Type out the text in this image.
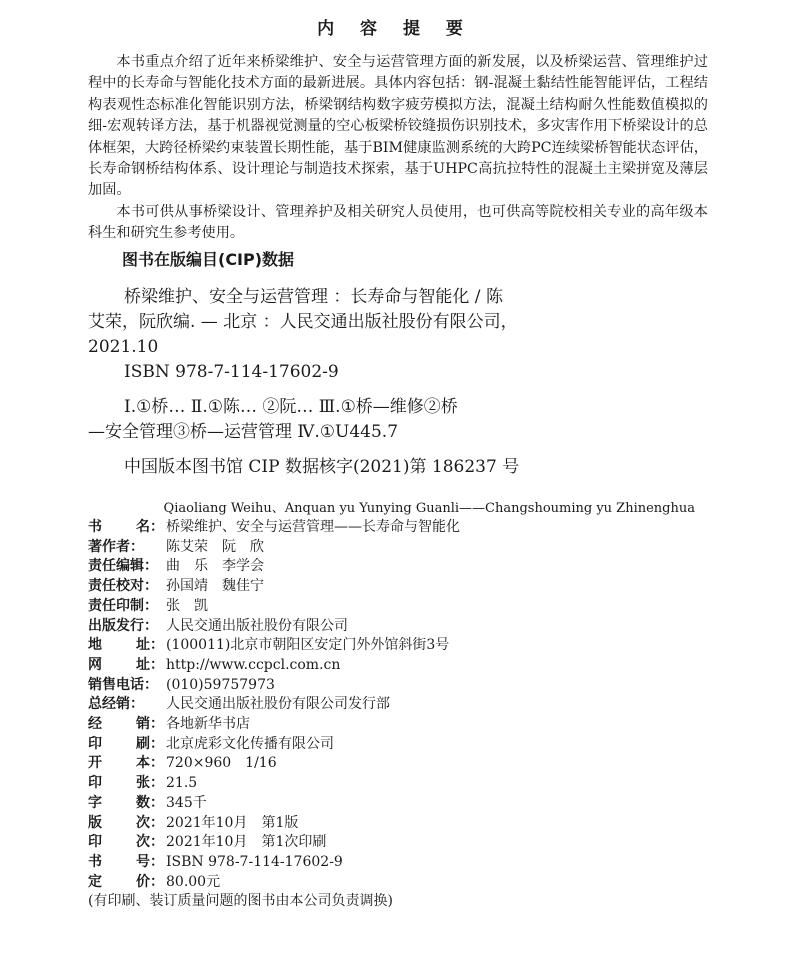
内 容 提 要

本书重点介绍了近年来桥梁维护、安全与运营管理方面的新发展，以及桥梁运营、管理维护过程中的长寿命与智能化技术方面的最新进展。具体内容包括：钢-混凝土黏结性能智能评估，工程结构表观性态标准化智能识别方法，桥梁钢结构数字疲劳模拟方法，混凝土结构耐久性能数值模拟的细-宏观转译方法，基于机器视觉测量的空心板梁桥铰缝损伤识别技术，多灾害作用下桥梁设计的总体框架，大跨径桥梁约束装置长期性能，基于BIM健康监测系统的大跨PC连续梁桥智能状态评估，长寿命钢桥结构体系、设计理论与制造技术探索，基于UHPC高抗拉特性的混凝土主梁拼宽及薄层加固。

本书可供从事桥梁设计、管理养护及相关研究人员使用，也可供高等院校相关专业的高年级本科生和研究生参考使用。

图书在版编目(CIP)数据
桥梁维护、安全与运营管理 ：长寿命与智能化 / 陈
艾荣，阮欣编. — 北京 ：人民交通出版社股份有限公司，
2021.10
ISBN 978-7-114-17602-9
Ⅰ.①桥… Ⅱ.①陈… ②阮… Ⅲ.①桥—维修②桥
—安全管理③桥—运营管理 Ⅳ.①U445.7
中国版本图书馆 CIP 数据核字(2021)第 186237 号
Qiaoliang Weihu、Anquan yu Yunying Guanli——Changshouming yu Zhinenghua
书 名： 桥梁维护、安全与运营管理——长寿命与智能化
著作者： 陈艾荣　阮　欣
责任编辑： 曲　乐　李学会
责任校对： 孙国靖　魏佳宁
责任印制： 张　凯
出版发行： 人民交通出版社股份有限公司
地 址： (100011)北京市朝阳区安定门外外馆斜街3号
网 址： http://www.ccpcl.com.cn
销售电话： (010)59757973
总经销： 人民交通出版社股份有限公司发行部
经 销： 各地新华书店
印 刷： 北京虎彩文化传播有限公司
开 本： 720×960　1/16
印 张： 21.5
字 数： 345千
版 次： 2021年10月　第1版
印 次： 2021年10月　第1次印刷
书 号： ISBN 978-7-114-17602-9
定 价： 80.00元
(有印刷、装订质量问题的图书由本公司负责调换)
